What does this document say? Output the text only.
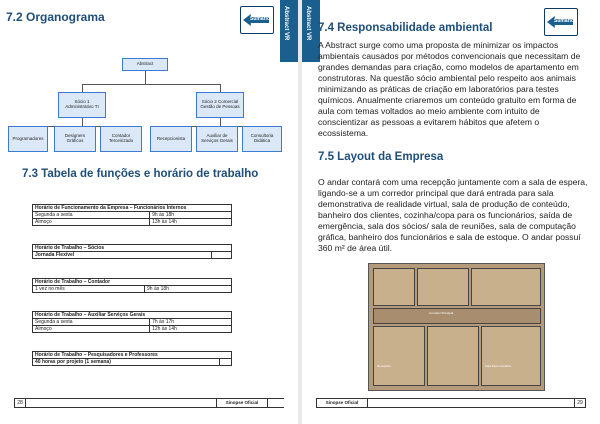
7.2 Organograma	Sumário Abstract VR
Abstract
Sócio 1 Administrativo TI
Sócio 2 Comercial Gestão de Pessoas
Programadores	Designers Gráficos
Contador Terceirizado	Recepcionista	Auxiliar de Serviços Gerais
Consultoria Didática
7.3 Tabela de funções e horário de trabalho
Horário de Funcionamento da Empresa – Funcionários Internos	
Segunda a sexta	9h às 18h
Almoço	13h às 14h
Horário de Trabalho – Sócios
Jornada Flexível	
Horário de Trabalho – Contador
1 vez no mês	9h às 18h
Horário de Trabalho – Auxiliar Serviços Gerais	
Segunda a sexta	7h às 17h
Almoço	12h às 14h
Horário de Trabalho – Pesquisadores e Professores
40 horas por projeto (1 semana)	
28	Sinopse Oficial
Abstract VR	Sumário
7.4 Responsabilidade ambiental

A Abstract surge como uma proposta de minimizar os impactos ambientais causados por métodos convencionais que necessitam de grandes demandas para criação, como modelos de apartamento em construtoras. Na questão sócio ambiental pelo respeito aos animais minimizando as práticas de criação em laboratórios para testes químicos. Anualmente criaremos um conteúdo gratuito em forma de aula com temas voltados ao meio ambiente com intuito de conscientizar as pessoas a evitarem hábitos que afetem o ecossistema.

7.5 Layout da Empresa

O andar contará com uma recepção juntamente com a sala de espera, ligando-se a um corredor principal que dará entrada para sala demonstrativa de realidade virtual, sala de produção de conteúdo, banheiro dos clientes, cozinha/copa para os funcionários, saída de emergência, sala dos sócios/ sala de reuniões, sala de computação gráfica, banheiro dos funcionários e sala de estoque. O andar possuí 360 m² de área útil.

Corredor Principal
Recepção	Sala Demonstrativa
Sinopse Oficial	29
